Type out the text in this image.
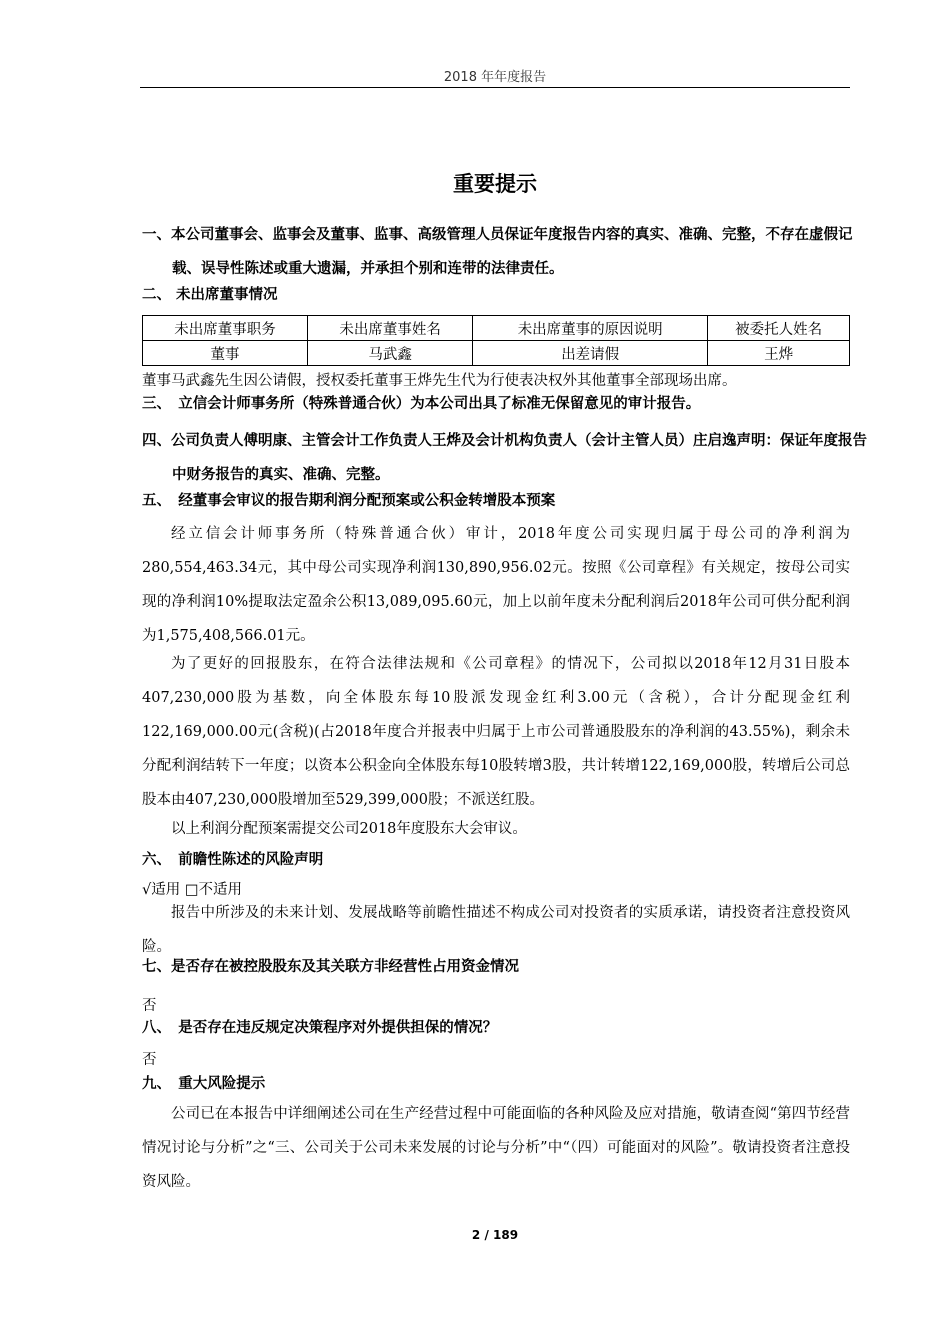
2018 年年度报告
重要提示
一、本公司董事会、监事会及董事、监事、高级管理人员保证年度报告内容的真实、准确、完整，不存在虚假记载、误导性陈述或重大遗漏，并承担个别和连带的法律责任。
二、 未出席董事情况
未出席董事职务	未出席董事姓名	未出席董事的原因说明	被委托人姓名
董事	马武鑫	出差请假	王烨
董事马武鑫先生因公请假，授权委托董事王烨先生代为行使表决权外其他董事全部现场出席。
三、　立信会计师事务所（特殊普通合伙）为本公司出具了标准无保留意见的审计报告。
四、公司负责人傅明康、主管会计工作负责人王烨及会计机构负责人（会计主管人员）庄启逸声明：保证年度报告中财务报告的真实、准确、完整。
五、　经董事会审议的报告期利润分配预案或公积金转增股本预案
经立信会计师事务所（特殊普通合伙）审计，2018年度公司实现归属于母公司的净利润为280,554,463.34元，其中母公司实现净利润130,890,956.02元。按照《公司章程》有关规定，按母公司实现的净利润10%提取法定盈余公积13,089,095.60元，加上以前年度未分配利润后2018年公司可供分配利润为1,575,408,566.01元。
为了更好的回报股东，在符合法律法规和《公司章程》的情况下，公司拟以2018年12月31日股本407,230,000股为基数，向全体股东每10股派发现金红利3.00元（含税），合计分配现金红利122,169,000.00元(含税)(占2018年度合并报表中归属于上市公司普通股股东的净利润的43.55%)，剩余未分配利润结转下一年度；以资本公积金向全体股东每10股转增3股，共计转增122,169,000股，转增后公司总股本由407,230,000股增加至529,399,000股；不派送红股。
以上利润分配预案需提交公司2018年度股东大会审议。
六、　前瞻性陈述的风险声明
√适用 □不适用
报告中所涉及的未来计划、发展战略等前瞻性描述不构成公司对投资者的实质承诺，请投资者注意投资风险。
七、是否存在被控股股东及其关联方非经营性占用资金情况
否
八、　是否存在违反规定决策程序对外提供担保的情况？
否
九、　重大风险提示
公司已在本报告中详细阐述公司在生产经营过程中可能面临的各种风险及应对措施，敬请查阅“第四节经营情况讨论与分析”之“三、公司关于公司未来发展的讨论与分析”中“（四）可能面对的风险”。敬请投资者注意投资风险。
2 / 189
